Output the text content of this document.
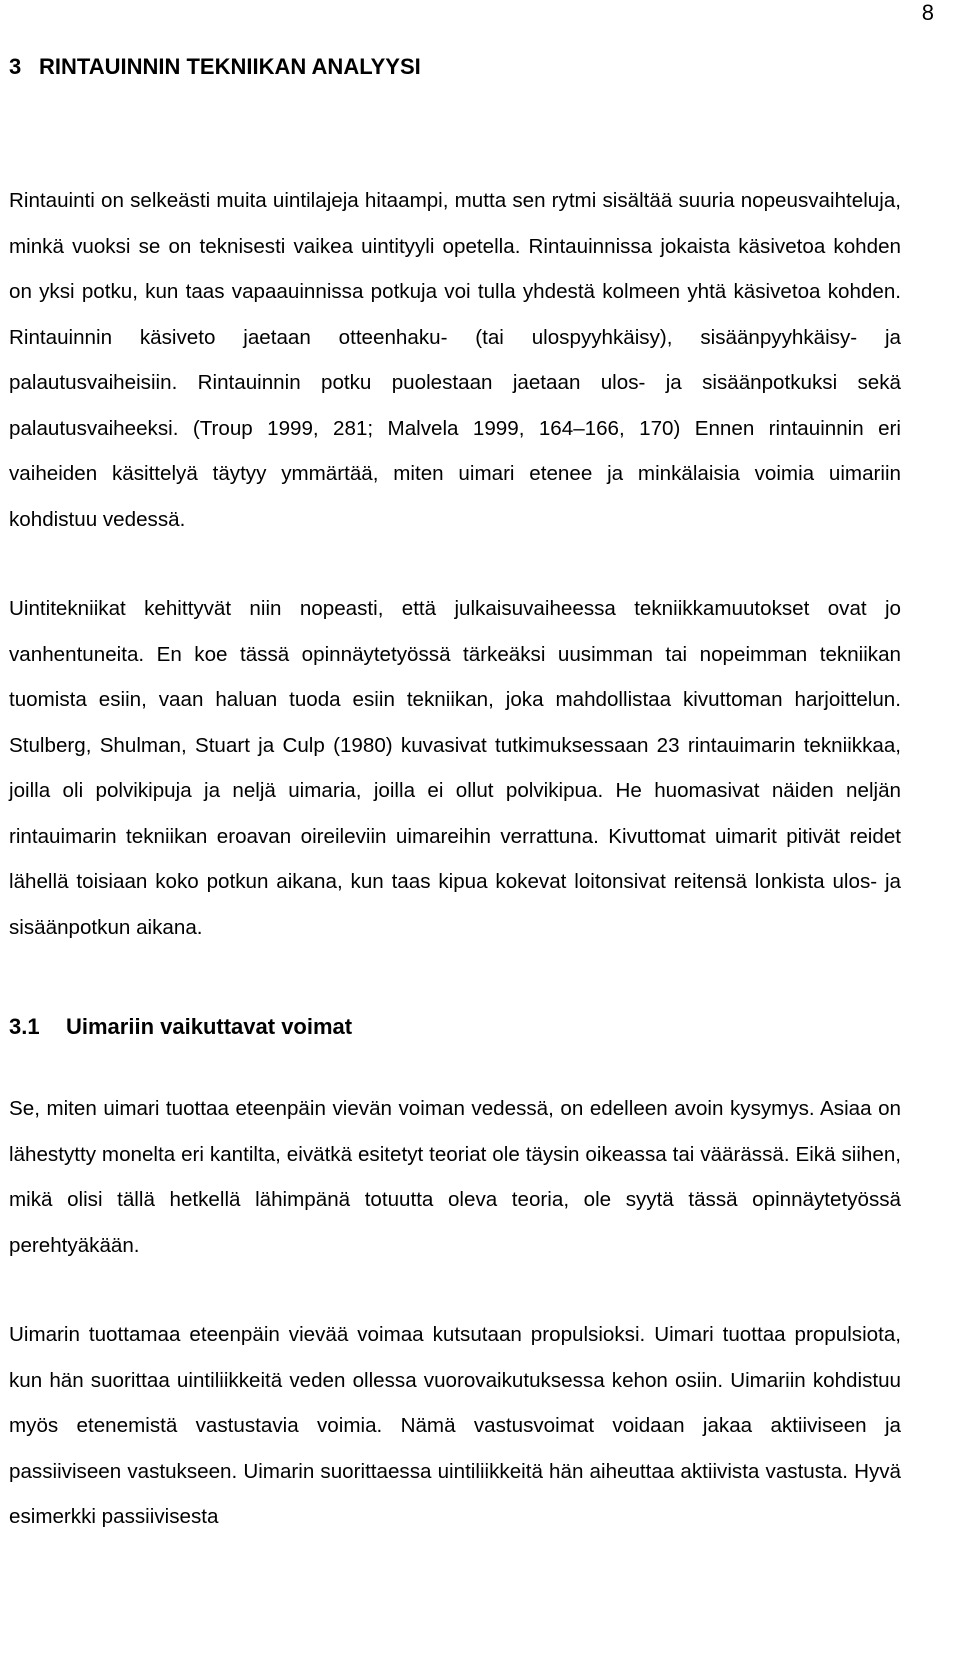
8
3 RINTAUINNIN TEKNIIKAN ANALYYSI

Rintauinti on selkeästi muita uintilajeja hitaampi, mutta sen rytmi sisältää suuria nopeusvaihteluja, minkä vuoksi se on teknisesti vaikea uintityyli opetella. Rintauinnissa jokaista käsivetoa kohden on yksi potku, kun taas vapaauinnissa potkuja voi tulla yhdestä kolmeen yhtä käsivetoa kohden. Rintauinnin käsiveto jaetaan otteenhaku- (tai ulospyyhkäisy), sisäänpyyhkäisy- ja palautusvaiheisiin. Rintauinnin potku puolestaan jaetaan ulos- ja sisäänpotkuksi sekä palautusvaiheeksi. (Troup 1999, 281; Malvela 1999, 164–166, 170) Ennen rintauinnin eri vaiheiden käsittelyä täytyy ymmärtää, miten uimari etenee ja minkälaisia voimia uimariin kohdistuu vedessä.

Uintitekniikat kehittyvät niin nopeasti, että julkaisuvaiheessa tekniikkamuutokset ovat jo vanhentuneita. En koe tässä opinnäytetyössä tärkeäksi uusimman tai nopeimman tekniikan tuomista esiin, vaan haluan tuoda esiin tekniikan, joka mahdollistaa kivuttoman harjoittelun. Stulberg, Shulman, Stuart ja Culp (1980) kuvasivat tutkimuksessaan 23 rintauimarin tekniikkaa, joilla oli polvikipuja ja neljä uimaria, joilla ei ollut polvikipua. He huomasivat näiden neljän rintauimarin tekniikan eroavan oireileviin uimareihin verrattuna. Kivuttomat uimarit pitivät reidet lähellä toisiaan koko potkun aikana, kun taas kipua kokevat loitonsivat reitensä lonkista ulos- ja sisäänpotkun aikana.

3.1	Uimariin vaikuttavat voimat

Se, miten uimari tuottaa eteenpäin vievän voiman vedessä, on edelleen avoin kysymys. Asiaa on lähestytty monelta eri kantilta, eivätkä esitetyt teoriat ole täysin oikeassa tai väärässä. Eikä siihen, mikä olisi tällä hetkellä lähimpänä totuutta oleva teoria, ole syytä tässä opinnäytetyössä perehtyäkään.

Uimarin tuottamaa eteenpäin vievää voimaa kutsutaan propulsioksi. Uimari tuottaa propulsiota, kun hän suorittaa uintiliikkeitä veden ollessa vuorovaikutuksessa kehon osiin. Uimariin kohdistuu myös etenemistä vastustavia voimia. Nämä vastusvoimat voidaan jakaa aktiiviseen ja passiiviseen vastukseen. Uimarin suorittaessa uintiliikkeitä hän aiheuttaa aktiivista vastusta. Hyvä esimerkki passiivisesta
